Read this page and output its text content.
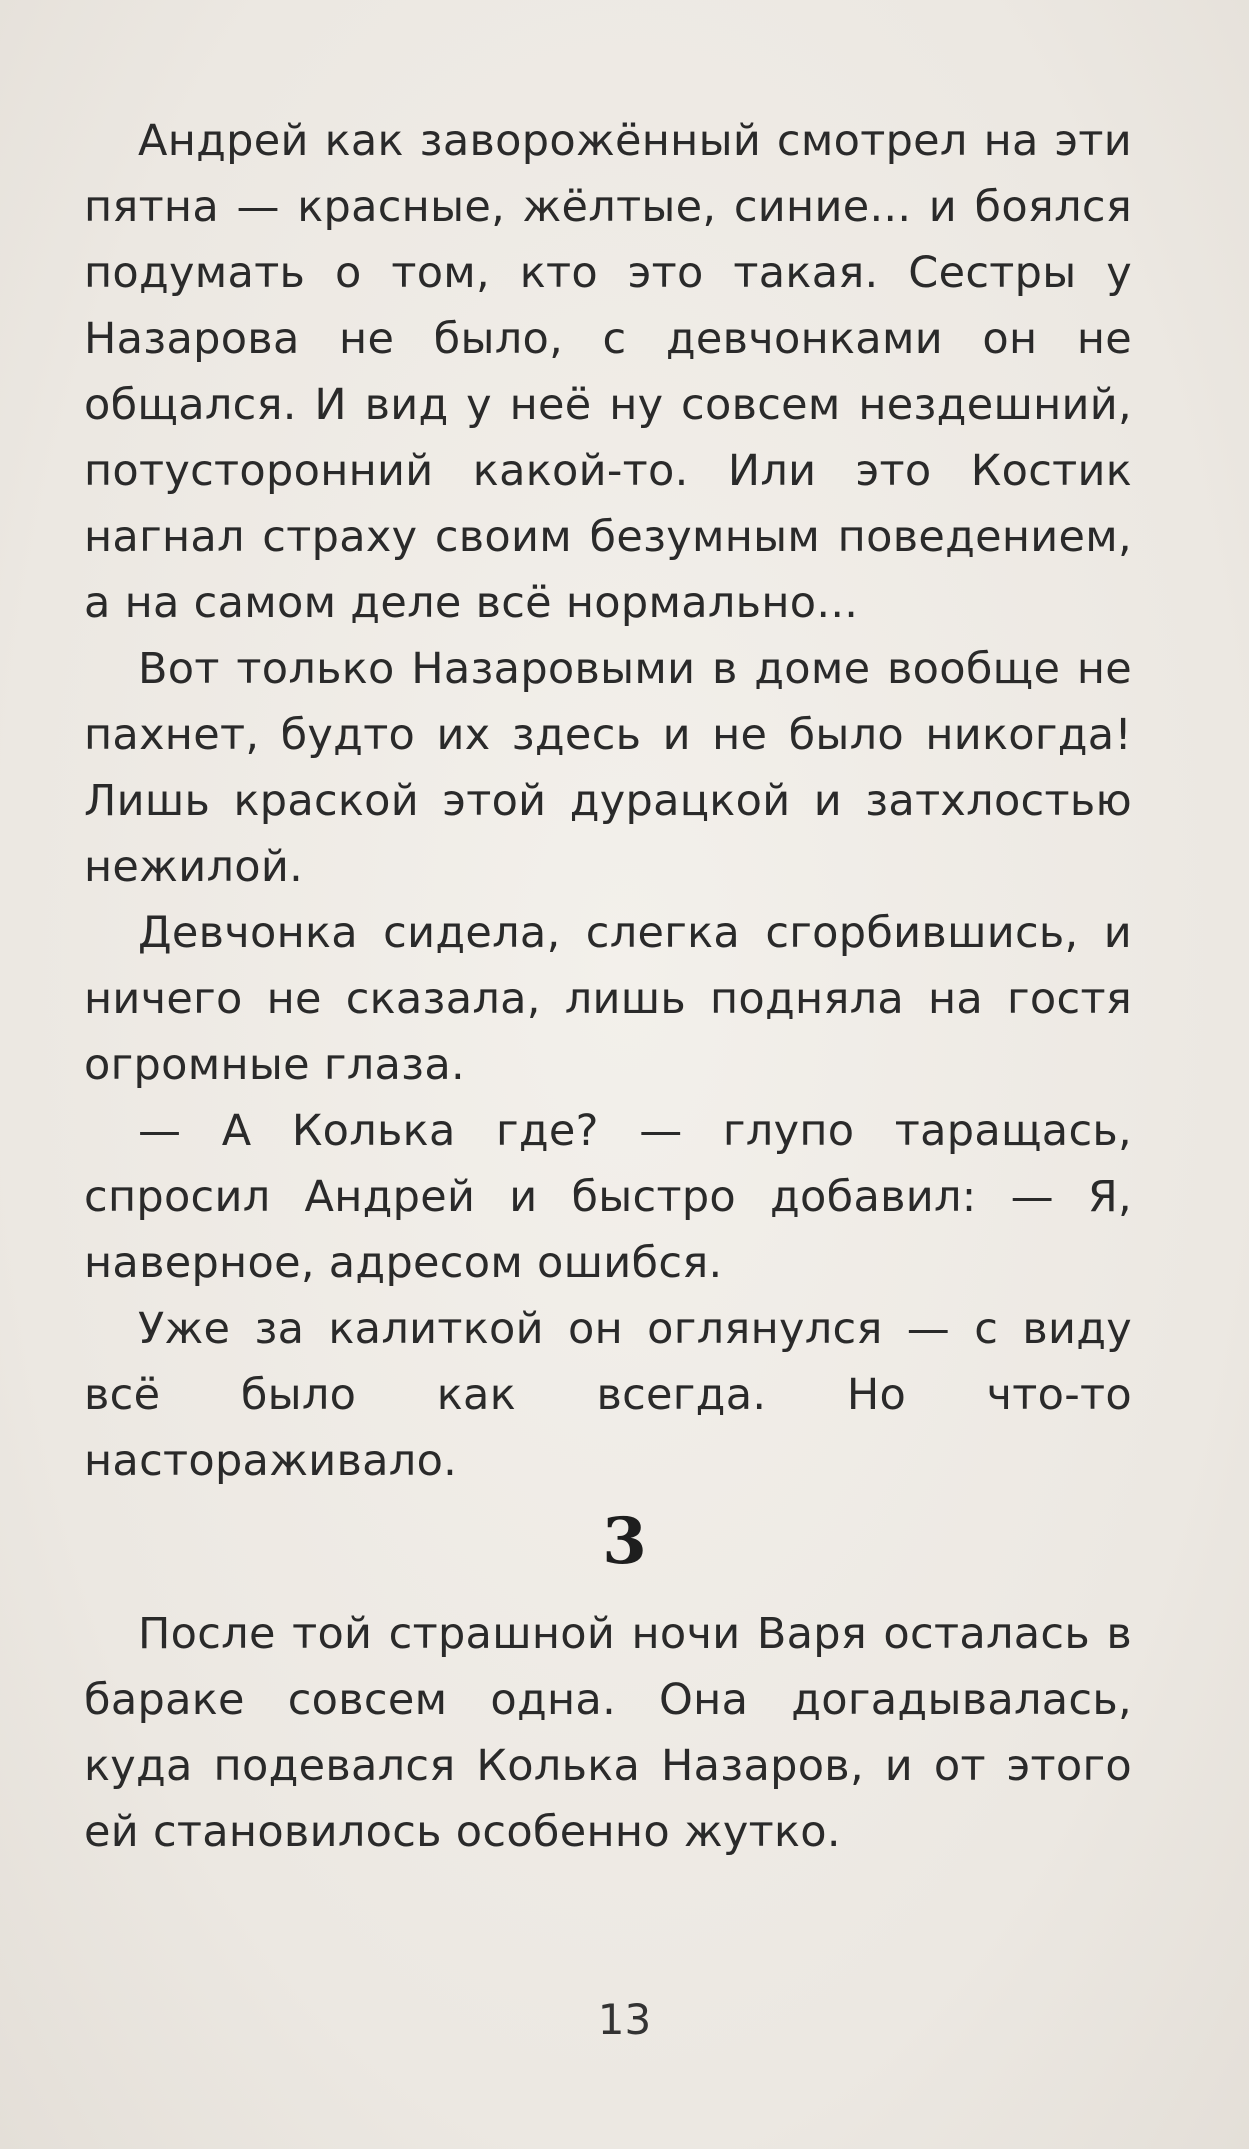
Андрей как заворожённый смотрел на эти пятна — красные, жёлтые, синие... и боялся подумать о том, кто это такая. Сестры у Назарова не было, с девчонками он не общался. И вид у неё ну совсем нездешний, потусторонний какой-то. Или это Костик нагнал страху своим безумным поведением, а на самом деле всё нормально...

Вот только Назаровыми в доме вообще не пахнет, будто их здесь и не было никогда! Лишь краской этой дурацкой и затхлостью нежилой.

Девчонка сидела, слегка сгорбившись, и ничего не сказала, лишь подняла на гостя огромные глаза.

— А Колька где? — глупо таращась, спросил Андрей и быстро добавил: — Я, наверное, адресом ошибся.

Уже за калиткой он оглянулся — с виду всё было как всегда. Но что-то настораживало.

3

После той страшной ночи Варя осталась в бараке совсем одна. Она догадывалась, куда подевался Колька Назаров, и от этого ей становилось особенно жутко.

13
